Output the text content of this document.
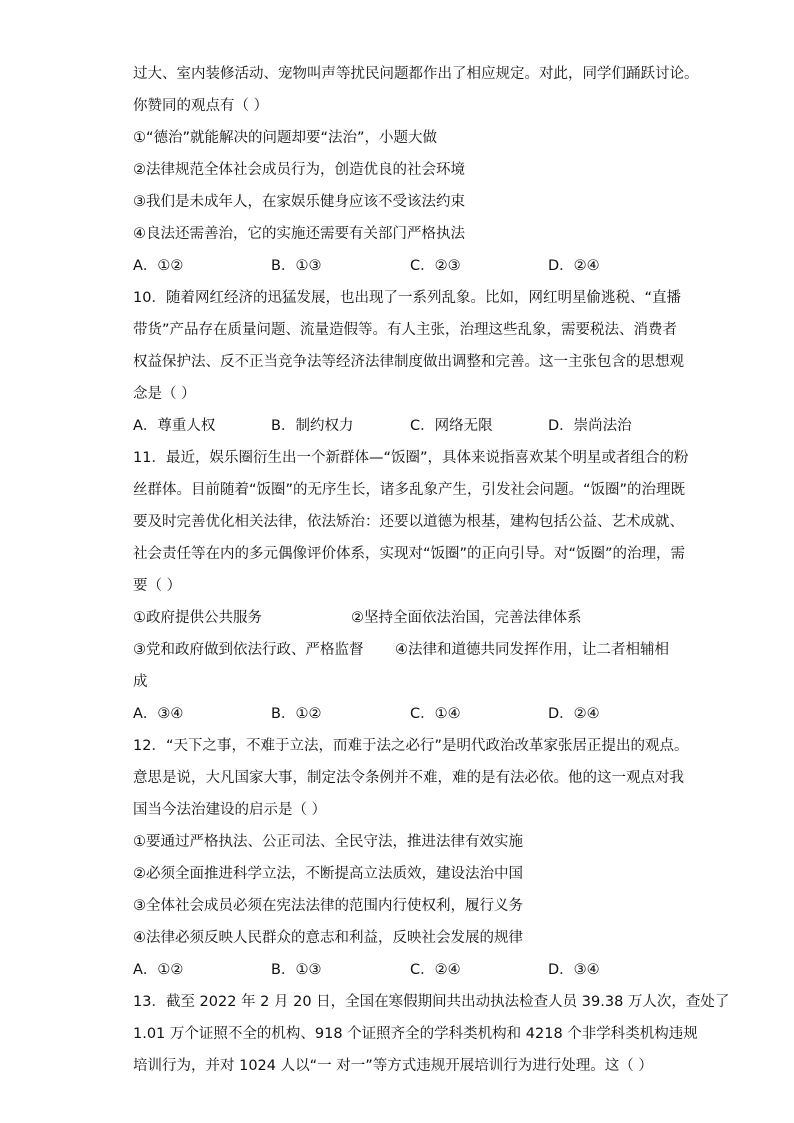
过大、室内装修活动、宠物叫声等扰民问题都作出了相应规定。对此，同学们踊跃讨论。
你赞同的观点有（ ）
①“德治”就能解决的问题却要“法治”，小题大做
②法律规范全体社会成员行为，创造优良的社会环境
③我们是未成年人，在家娱乐健身应该不受该法约束
④良法还需善治，它的实施还需要有关部门严格执法
A．①②	B．①③	C．②③	D．②④
10．随着网红经济的迅猛发展，也出现了一系列乱象。比如，网红明星偷逃税、“直播
带货”产品存在质量问题、流量造假等。有人主张，治理这些乱象，需要税法、消费者
权益保护法、反不正当竞争法等经济法律制度做出调整和完善。这一主张包含的思想观
念是（ ）
A．尊重人权	B．制约权力	C．网络无限	D．崇尚法治
11．最近，娱乐圈衍生出一个新群体—“饭圈”，具体来说指喜欢某个明星或者组合的粉
丝群体。目前随着“饭圈”的无序生长，诸多乱象产生，引发社会问题。“饭圈”的治理既
要及时完善优化相关法律，依法矫治：还要以道德为根基，建构包括公益、艺术成就、
社会责任等在内的多元偶像评价体系，实现对“饭圈”的正向引导。对“饭圈”的治理，需
要（ ）
①政府提供公共服务	②坚持全面依法治国，完善法律体系
③党和政府做到依法行政、严格监督 ④法律和道德共同发挥作用，让二者相辅相
成
A．③④	B．①②	C．①④	D．②④
12．“天下之事，不难于立法，而难于法之必行”是明代政治改革家张居正提出的观点。
意思是说，大凡国家大事，制定法令条例并不难，难的是有法必依。他的这一观点对我
国当今法治建设的启示是（ ）
①要通过严格执法、公正司法、全民守法，推进法律有效实施
②必须全面推进科学立法，不断提高立法质效，建设法治中国
③全体社会成员必须在宪法法律的范围内行使权利，履行义务
④法律必须反映人民群众的意志和利益，反映社会发展的规律
A．①②	B．①③	C．②④	D．③④
13．截至 2022 年 2 月 20 日，全国在寒假期间共出动执法检查人员 39.38 万人次，查处了
1.01 万个证照不全的机构、918 个证照齐全的学科类机构和 4218 个非学科类机构违规
培训行为，并对 1024 人以“一 对一”等方式违规开展培训行为进行处理。这（ ）
